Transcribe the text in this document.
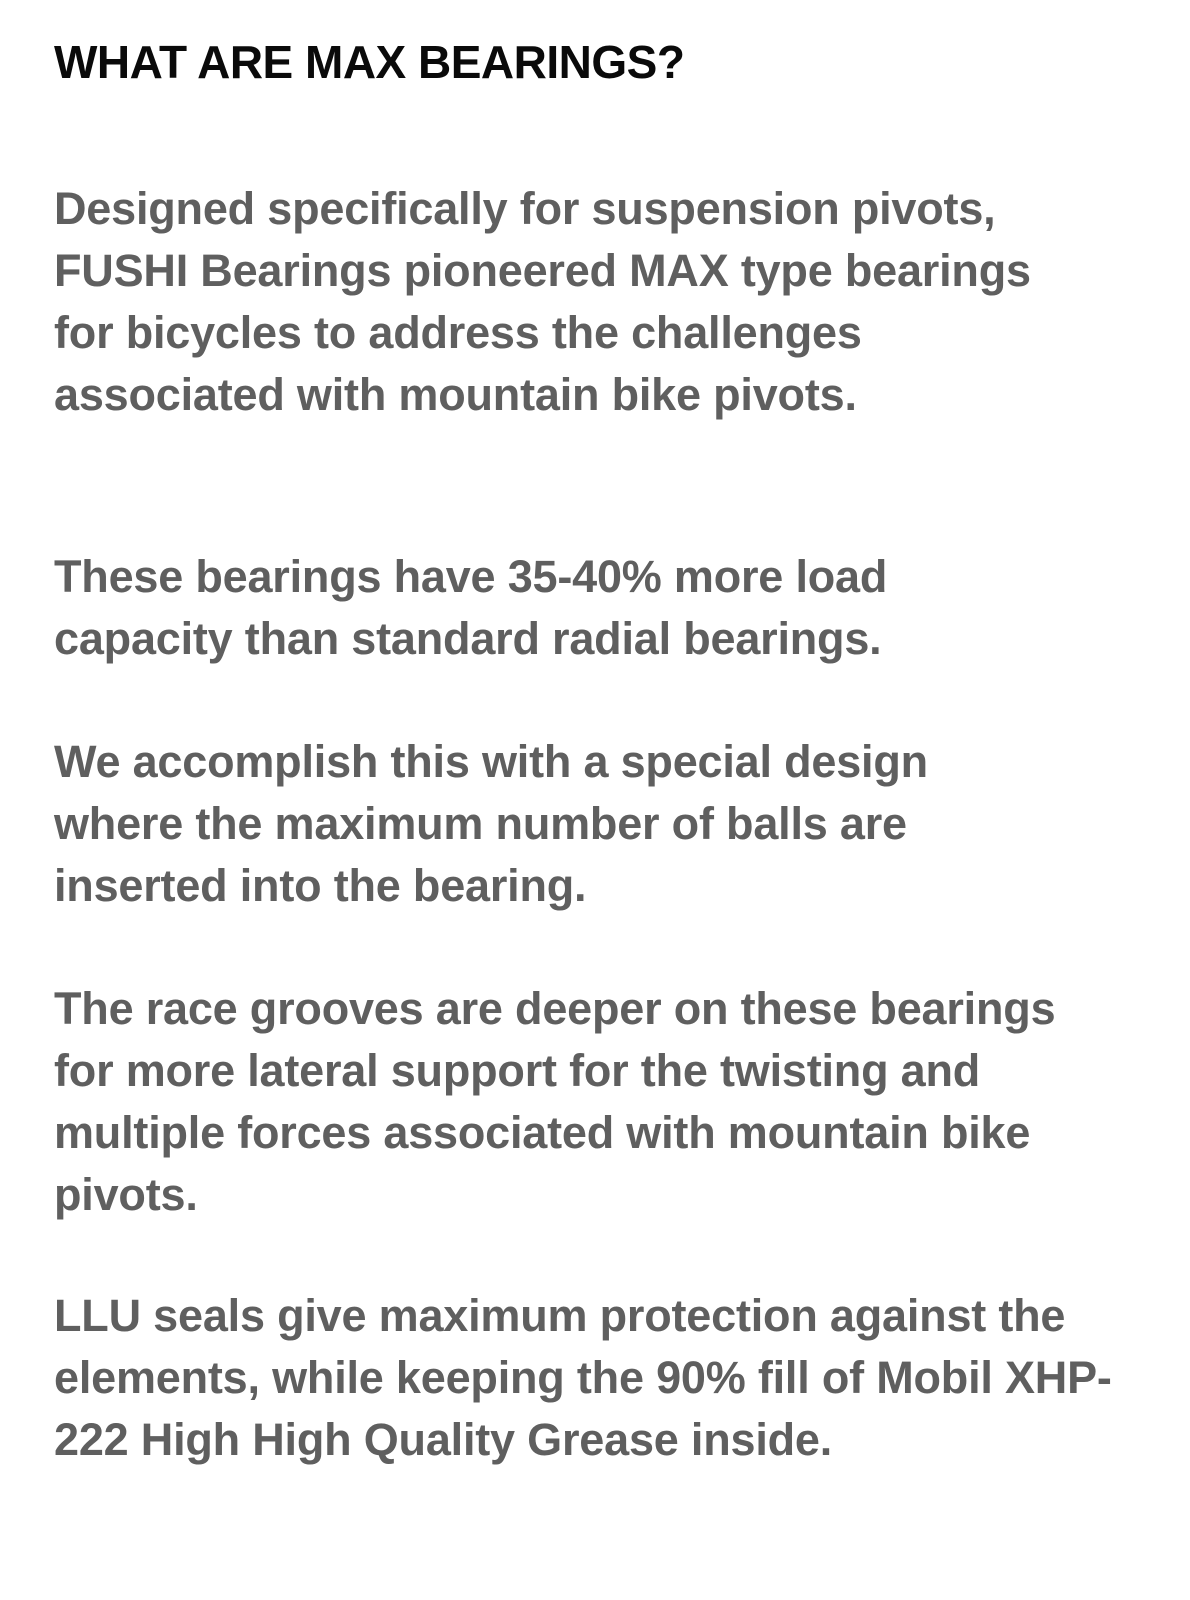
WHAT ARE MAX BEARINGS?

Designed specifically for suspension pivots, FUSHI Bearings pioneered MAX type bearings for bicycles to address the challenges associated with mountain bike pivots.

These bearings have 35-40% more load capacity than standard radial bearings.

We accomplish this with a special design where the maximum number of balls are inserted into the bearing.

The race grooves are deeper on these bearings for more lateral support for the twisting and multiple forces associated with mountain bike pivots.

LLU seals give maximum protection against the elements, while keeping the 90% fill of Mobil XHP-222 High High Quality Grease inside.
